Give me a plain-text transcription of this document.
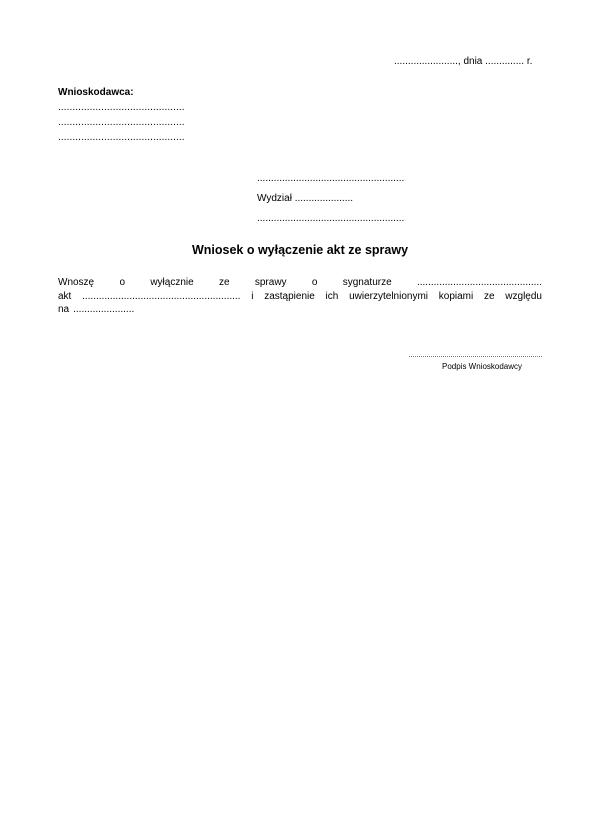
......................., dnia .............. r.
Wnioskodawca:
............................................
............................................
............................................
.....................................................
Wydział .....................
.....................................................
Wniosek o wyłączenie akt ze sprawy
Wnoszę	o	wyłącznie	ze	sprawy	o	sygnaturze	.............................................
akt ......................................................... i zastąpienie ich uwierzytelnionymi kopiami ze względu
na ......................
Podpis Wnioskodawcy
